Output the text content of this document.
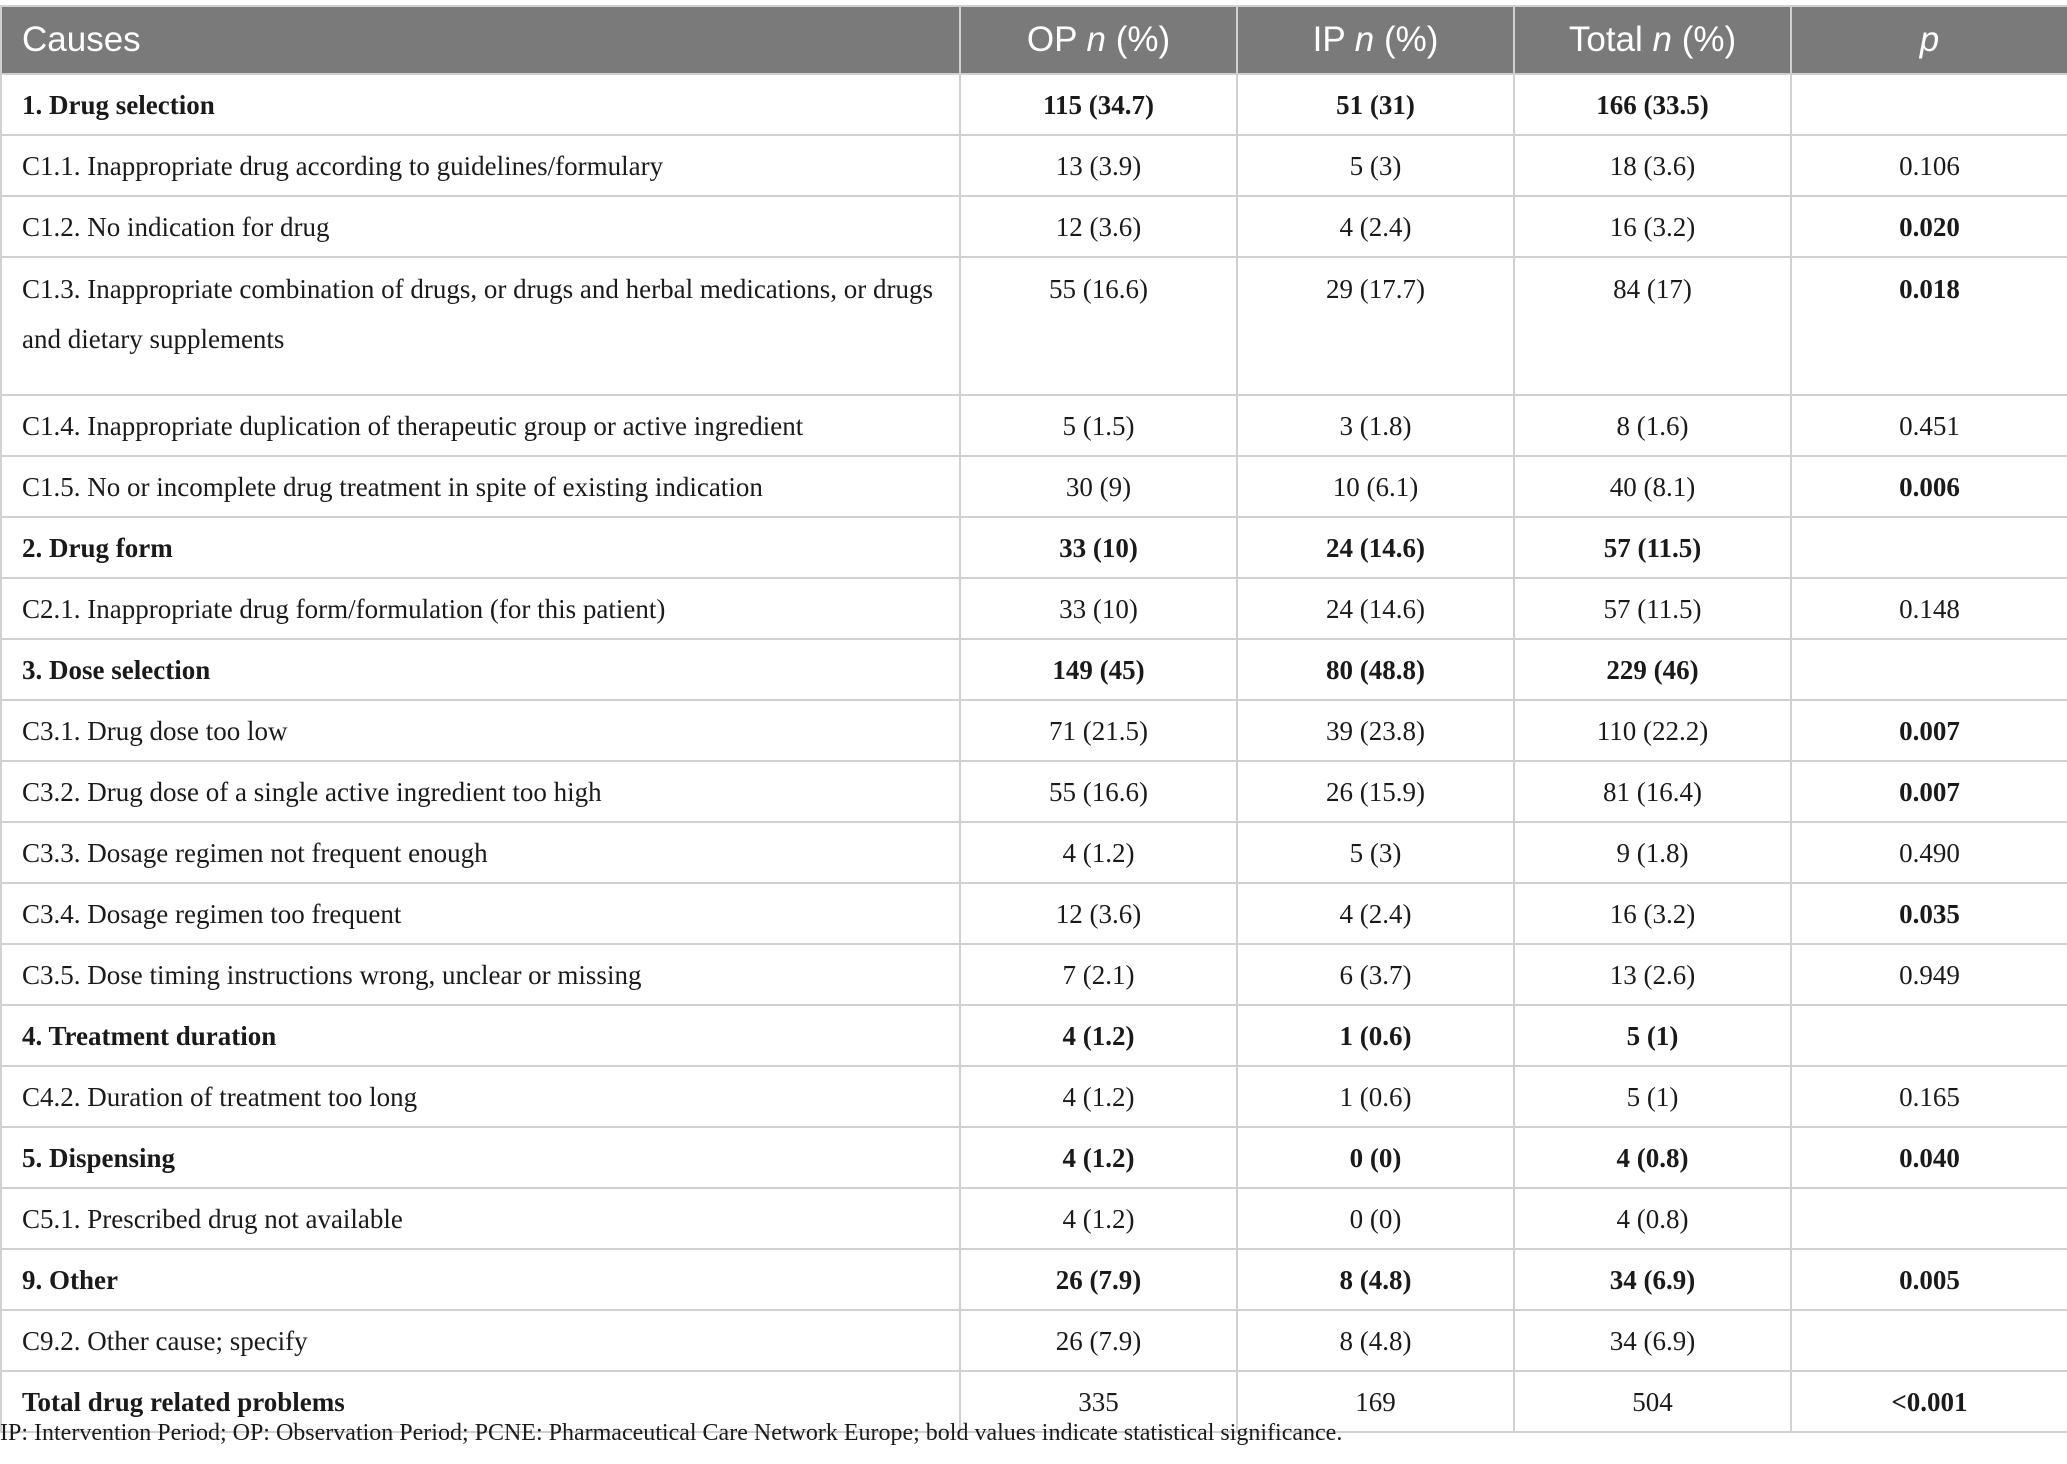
Causes	OP n (%)	IP n (%)	Total n (%)	p
1. Drug selection	115 (34.7)	51 (31)	166 (33.5)	
C1.1. Inappropriate drug according to guidelines/formulary	13 (3.9)	5 (3)	18 (3.6)	0.106
C1.2. No indication for drug	12 (3.6)	4 (2.4)	16 (3.2)	0.020
C1.3. Inappropriate combination of drugs, or drugs and herbal medications, or drugs and dietary supplements	55 (16.6)	29 (17.7)	84 (17)	0.018
C1.4. Inappropriate duplication of therapeutic group or active ingredient	5 (1.5)	3 (1.8)	8 (1.6)	0.451
C1.5. No or incomplete drug treatment in spite of existing indication	30 (9)	10 (6.1)	40 (8.1)	0.006
2. Drug form	33 (10)	24 (14.6)	57 (11.5)	
C2.1. Inappropriate drug form/formulation (for this patient)	33 (10)	24 (14.6)	57 (11.5)	0.148
3. Dose selection	149 (45)	80 (48.8)	229 (46)	
C3.1. Drug dose too low	71 (21.5)	39 (23.8)	110 (22.2)	0.007
C3.2. Drug dose of a single active ingredient too high	55 (16.6)	26 (15.9)	81 (16.4)	0.007
C3.3. Dosage regimen not frequent enough	4 (1.2)	5 (3)	9 (1.8)	0.490
C3.4. Dosage regimen too frequent	12 (3.6)	4 (2.4)	16 (3.2)	0.035
C3.5. Dose timing instructions wrong, unclear or missing	7 (2.1)	6 (3.7)	13 (2.6)	0.949
4. Treatment duration	4 (1.2)	1 (0.6)	5 (1)	
C4.2. Duration of treatment too long	4 (1.2)	1 (0.6)	5 (1)	0.165
5. Dispensing	4 (1.2)	0 (0)	4 (0.8)	0.040
C5.1. Prescribed drug not available	4 (1.2)	0 (0)	4 (0.8)	
9. Other	26 (7.9)	8 (4.8)	34 (6.9)	0.005
C9.2. Other cause; specify	26 (7.9)	8 (4.8)	34 (6.9)	
Total drug related problems	335	169	504	<0.001
IP: Intervention Period; OP: Observation Period; PCNE: Pharmaceutical Care Network Europe; bold values indicate statistical significance.
